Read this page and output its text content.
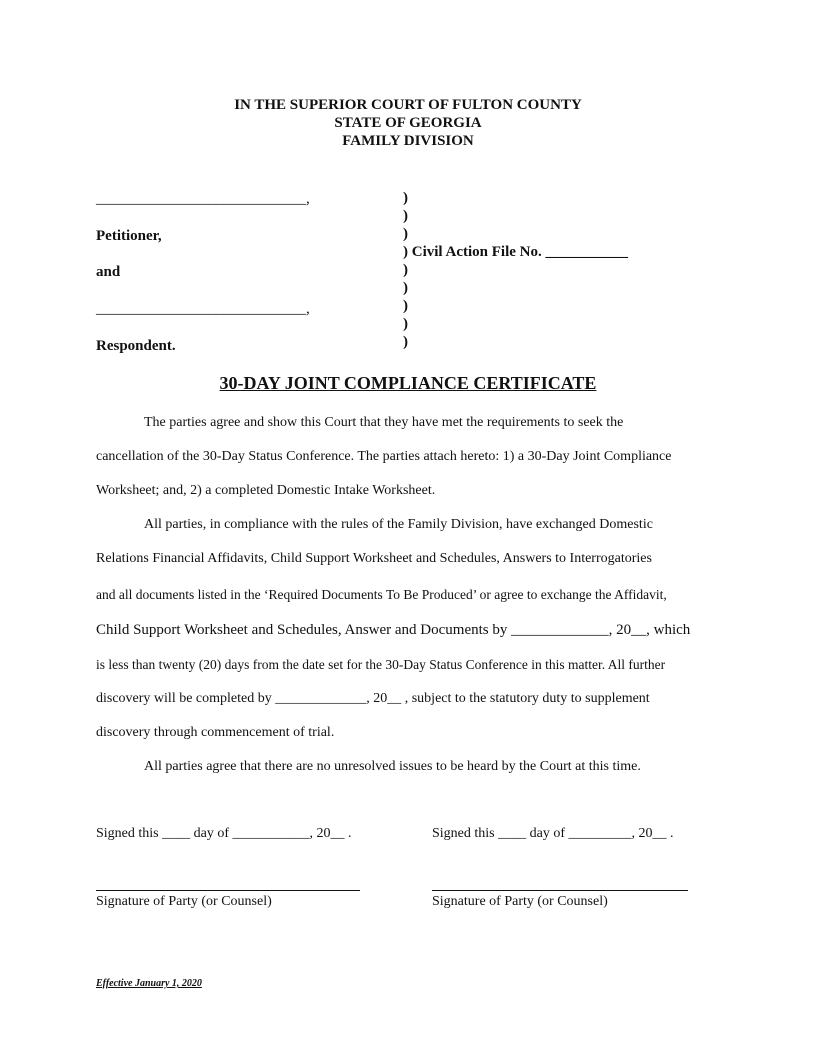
IN THE SUPERIOR COURT OF FULTON COUNTY
STATE OF GEORGIA
FAMILY DIVISION
____________________________,
Petitioner,
and
____________________________,
Respondent.
)
)
)
) Civil Action File No. ___________
)
)
)
)
)
30-DAY JOINT COMPLIANCE CERTIFICATE
The parties agree and show this Court that they have met the requirements to seek the
cancellation of the 30-Day Status Conference. The parties attach hereto: 1) a 30-Day Joint Compliance
Worksheet; and, 2) a completed Domestic Intake Worksheet.
All parties, in compliance with the rules of the Family Division, have exchanged Domestic
Relations Financial Affidavits, Child Support Worksheet and Schedules, Answers to Interrogatories
and all documents listed in the ‘Required Documents To Be Produced’ or agree to exchange the Affidavit,
Child Support Worksheet and Schedules, Answer and Documents by _____________, 20__, which
is less than twenty (20) days from the date set for the 30-Day Status Conference in this matter. All further
discovery will be completed by _____________, 20__ , subject to the statutory duty to supplement
discovery through commencement of trial.
All parties agree that there are no unresolved issues to be heard by the Court at this time.
Signed this ____ day of ___________, 20__ .	Signed this ____ day of _________, 20__ .
Signature of Party (or Counsel)	Signature of Party (or Counsel)
Effective January 1, 2020
